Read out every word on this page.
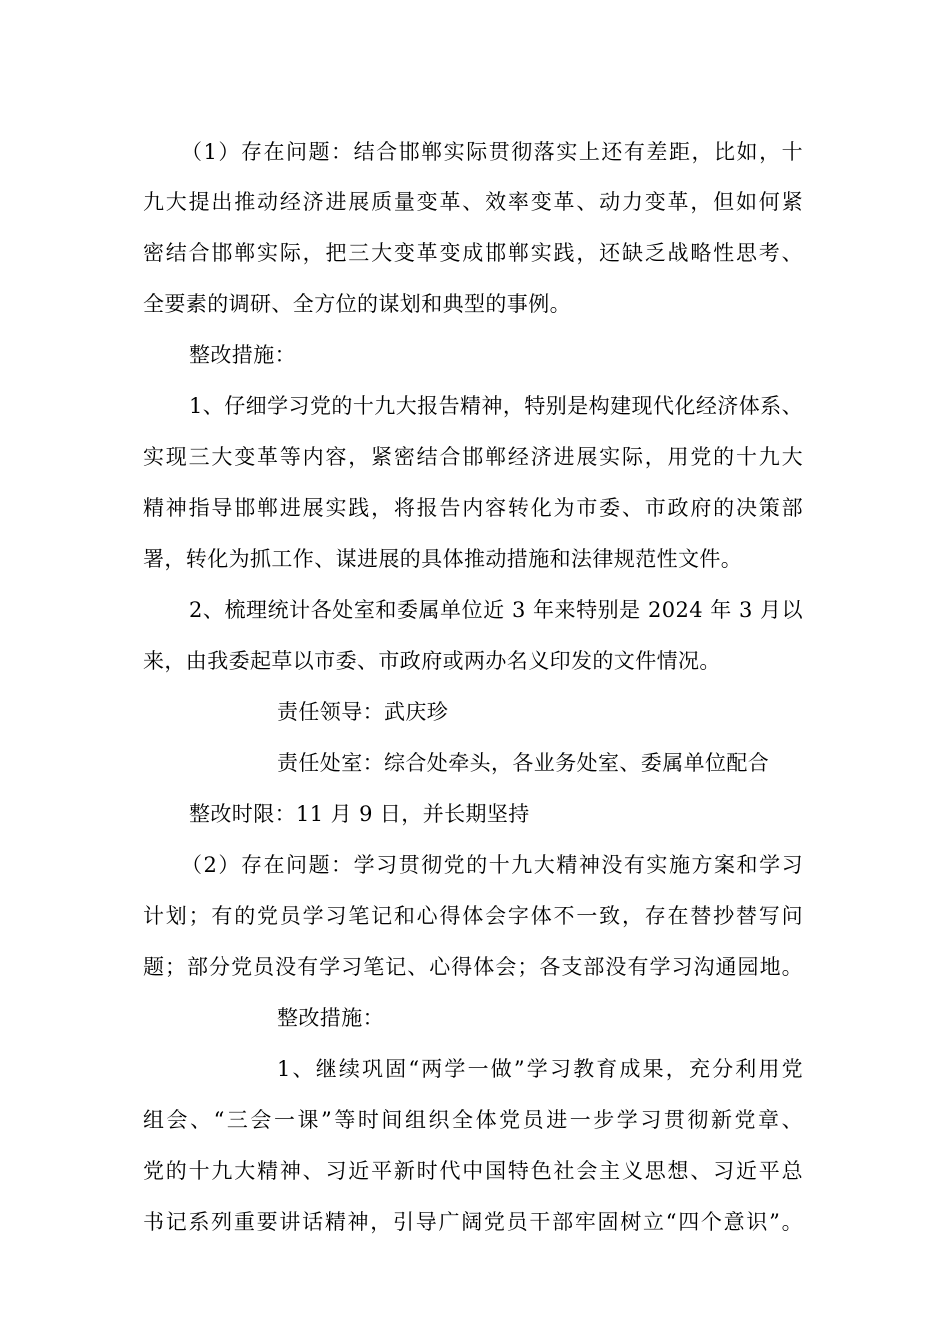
（1）存在问题：结合邯郸实际贯彻落实上还有差距，比如，十
九大提出推动经济进展质量变革、效率变革、动力变革，但如何紧
密结合邯郸实际，把三大变革变成邯郸实践，还缺乏战略性思考、
全要素的调研、全方位的谋划和典型的事例。
整改措施：
1、仔细学习党的十九大报告精神，特别是构建现代化经济体系、
实现三大变革等内容，紧密结合邯郸经济进展实际，用党的十九大
精神指导邯郸进展实践，将报告内容转化为市委、市政府的决策部
署，转化为抓工作、谋进展的具体推动措施和法律规范性文件。
2、梳理统计各处室和委属单位近 3 年来特别是 2024 年 3 月以
来，由我委起草以市委、市政府或两办名义印发的文件情况。
责任领导：武庆珍
责任处室：综合处牵头，各业务处室、委属单位配合
整改时限：11 月 9 日，并长期坚持
（2）存在问题：学习贯彻党的十九大精神没有实施方案和学习
计划；有的党员学习笔记和心得体会字体不一致，存在替抄替写问
题；部分党员没有学习笔记、心得体会；各支部没有学习沟通园地。
整改措施：
1、继续巩固“两学一做”学习教育成果，充分利用党
组会、“三会一课”等时间组织全体党员进一步学习贯彻新党章、
党的十九大精神、习近平新时代中国特色社会主义思想、习近平总
书记系列重要讲话精神，引导广阔党员干部牢固树立“四个意识”。
